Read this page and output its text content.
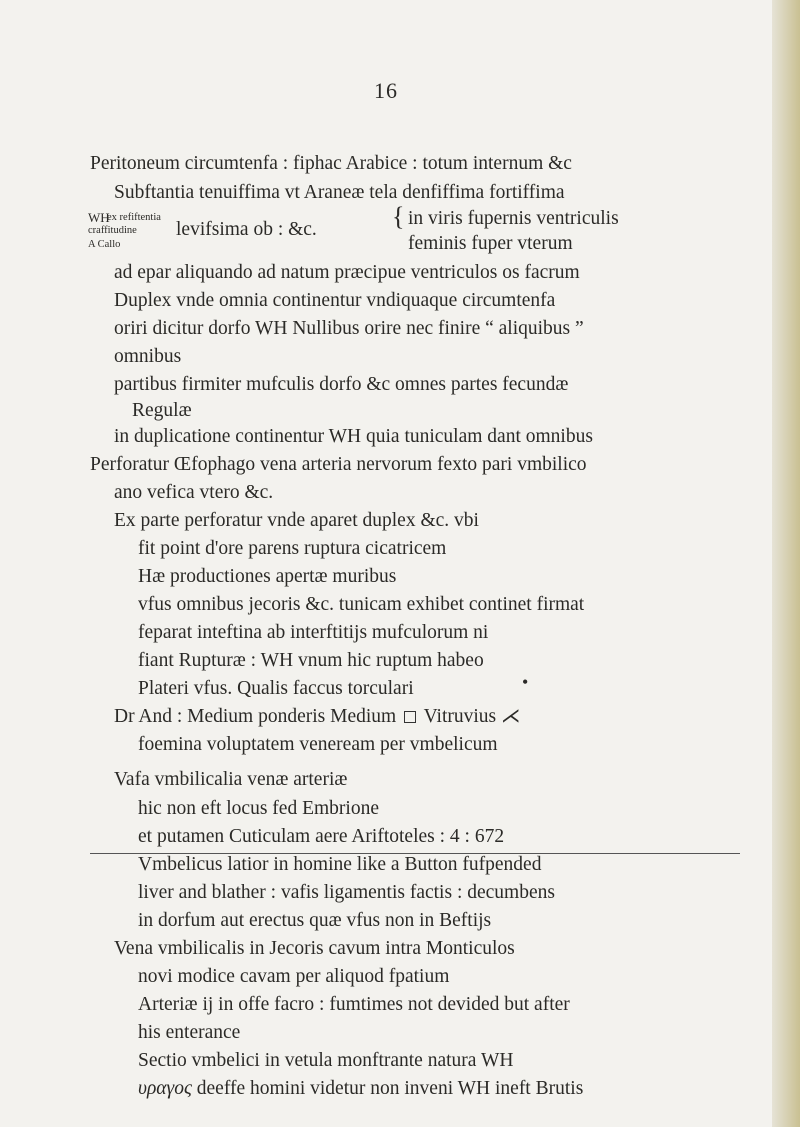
16
Peritoneum circumtenfa : fiphac Arabice : totum internum &c
Subftantia tenuiffima vt Araneæ tela denfiffima fortiffima
WH
ex refiftentia
craffitudine
A Callo
levifsima ob : &c.	{ in viris fupernis ventriculis
feminis fuper vterum
ad epar aliquando ad natum præcipue ventriculos os facrum
Duplex vnde omnia continentur vndiquaque circumtenfa
oriri dicitur dorfo WH Nullibus orire nec finire “ aliquibus ”
omnibus
partibus firmiter mufculis dorfo &c omnes partes fecundæ
Regulæ
in duplicatione continentur WH quia tuniculam dant omnibus
Perforatur Œfophago vena arteria nervorum fexto pari vmbilico
ano vefica vtero &c.
Ex parte perforatur vnde aparet duplex &c. vbi
fit point d'ore parens ruptura cicatricem
Hæ productiones apertæ muribus
vfus omnibus jecoris &c. tunicam exhibet continet firmat
feparat inteftina ab interftitijs mufculorum ni
fiant Rupturæ : WH vnum hic ruptum habeo
Plateri vfus. Qualis faccus torculari	•
Dr And : Medium ponderis Medium Vitruvius ⋌
foemina voluptatem veneream per vmbelicum
Vafa vmbilicalia venæ arteriæ
hic non eft locus fed Embrione
et putamen Cuticulam aere Ariftoteles : 4 : 672
Vmbelicus latior in homine like a Button fufpended
liver and blather : vafis ligamentis factis : decumbens
in dorfum aut erectus quæ vfus non in Beftijs
Vena vmbilicalis in Jecoris cavum intra Monticulos
novi modice cavam per aliquod fpatium
Arteriæ ij in offe facro : fumtimes not devided but after
his enterance
Sectio vmbelici in vetula monftrante natura WH
υραγος deeffe homini videtur non inveni WH ineft Brutis
